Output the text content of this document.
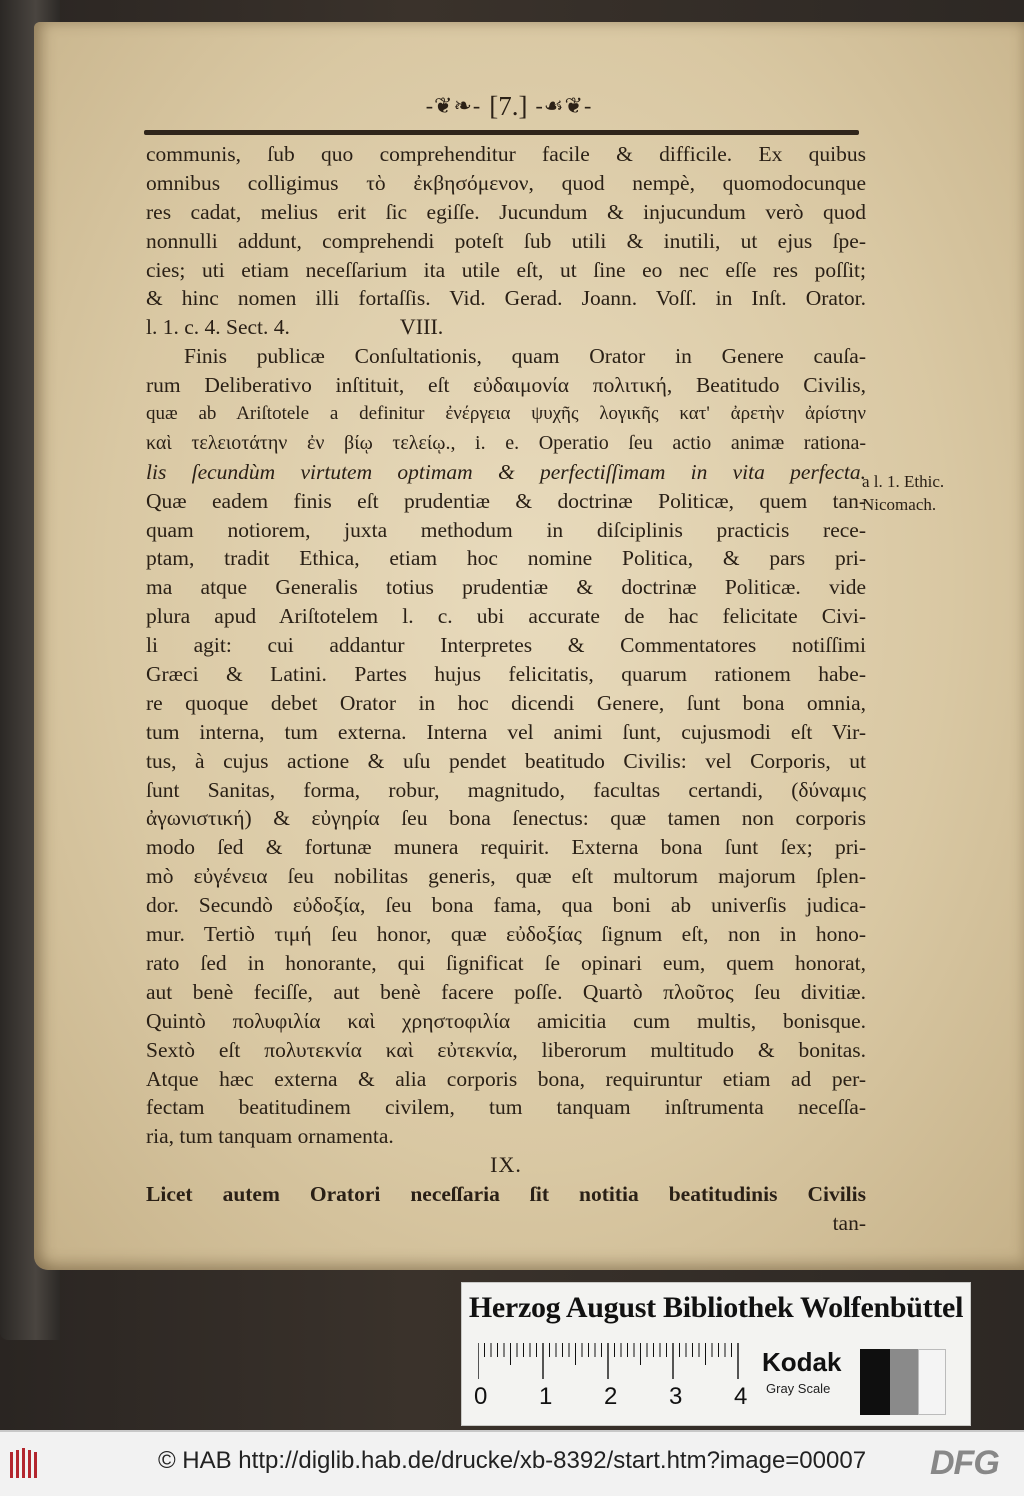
-❦❧- [7.] -☙❦-
communis, ſub quo comprehenditur facile & difficile. Ex quibus
omnibus colligimus τὸ ἐκβησόμενον, quod nempè, quomodocunque
res cadat, melius erit ſic egiſſe. Jucundum & injucundum verò quod
nonnulli addunt, comprehendi poteſt ſub utili & inutili, ut ejus ſpe-
cies; uti etiam neceſſarium ita utile eſt, ut ſine eo nec eſſe res poſſit;
& hinc nomen illi fortaſſis. Vid. Gerad. Joann. Voſſ. in Inſt. Orator.
l. 1. c. 4. Sect. 4.	VIII.
Finis publicæ Conſultationis, quam Orator in Genere cauſa-
rum Deliberativo inſtituit, eſt εὐδαιμονία πολιτική, Beatitudo Civilis,
quæ ab Ariſtotele a definitur ἐνέργεια ψυχῆς λογικῆς κατ' ἀρετὴν ἀρίστην
καὶ τελειοτάτην ἐν βίῳ τελείῳ., i. e. Operatio ſeu actio animæ rationa-
lis ſecundùm virtutem optimam & perfectiſſimam in vita perfecta.
Quæ eadem finis eſt prudentiæ & doctrinæ Politicæ, quem tan-
quam notiorem, juxta methodum in diſciplinis practicis rece-
ptam, tradit Ethica, etiam hoc nomine Politica, & pars pri-
ma atque Generalis totius prudentiæ & doctrinæ Politicæ. vide
plura apud Ariſtotelem l. c. ubi accurate de hac felicitate Civi-
li agit: cui addantur Interpretes & Commentatores notiſſimi
Græci & Latini. Partes hujus felicitatis, quarum rationem habe-
re quoque debet Orator in hoc dicendi Genere, ſunt bona omnia,
tum interna, tum externa. Interna vel animi ſunt, cujusmodi eſt Vir-
tus, à cujus actione & uſu pendet beatitudo Civilis: vel Corporis, ut
ſunt Sanitas, forma, robur, magnitudo, facultas certandi, (δύναμις
ἀγωνιστική) & εὐγηρία ſeu bona ſenectus: quæ tamen non corporis
modo ſed & fortunæ munera requirit. Externa bona ſunt ſex; pri-
mò εὐγένεια ſeu nobilitas generis, quæ eſt multorum majorum ſplen-
dor. Secundò εὐδοξία, ſeu bona fama, qua boni ab univerſis judica-
mur. Tertiò τιμή ſeu honor, quæ εὐδοξίας ſignum eſt, non in hono-
rato ſed in honorante, qui ſignificat ſe opinari eum, quem honorat,
aut benè feciſſe, aut benè facere poſſe. Quartò πλοῦτος ſeu divitiæ.
Quintò πολυφιλία καὶ χρηστοφιλία amicitia cum multis, bonisque.
Sextò eſt πολυτεκνία καὶ εὐτεκνία, liberorum multitudo & bonitas.
Atque hæc externa & alia corporis bona, requiruntur etiam ad per-
fectam beatitudinem civilem, tum tanquam inſtrumenta neceſſa-
ria, tum tanquam ornamenta.
IX.
Licet autem Oratori neceſſaria ſit notitia beatitudinis Civilis
tan-
a l. 1. Ethic.
Nicomach.
Herzog August Bibliothek Wolfenbüttel
0 1 2 3 4
Kodak
Gray Scale
© HAB http://diglib.hab.de/drucke/xb-8392/start.htm?image=00007	DFG
